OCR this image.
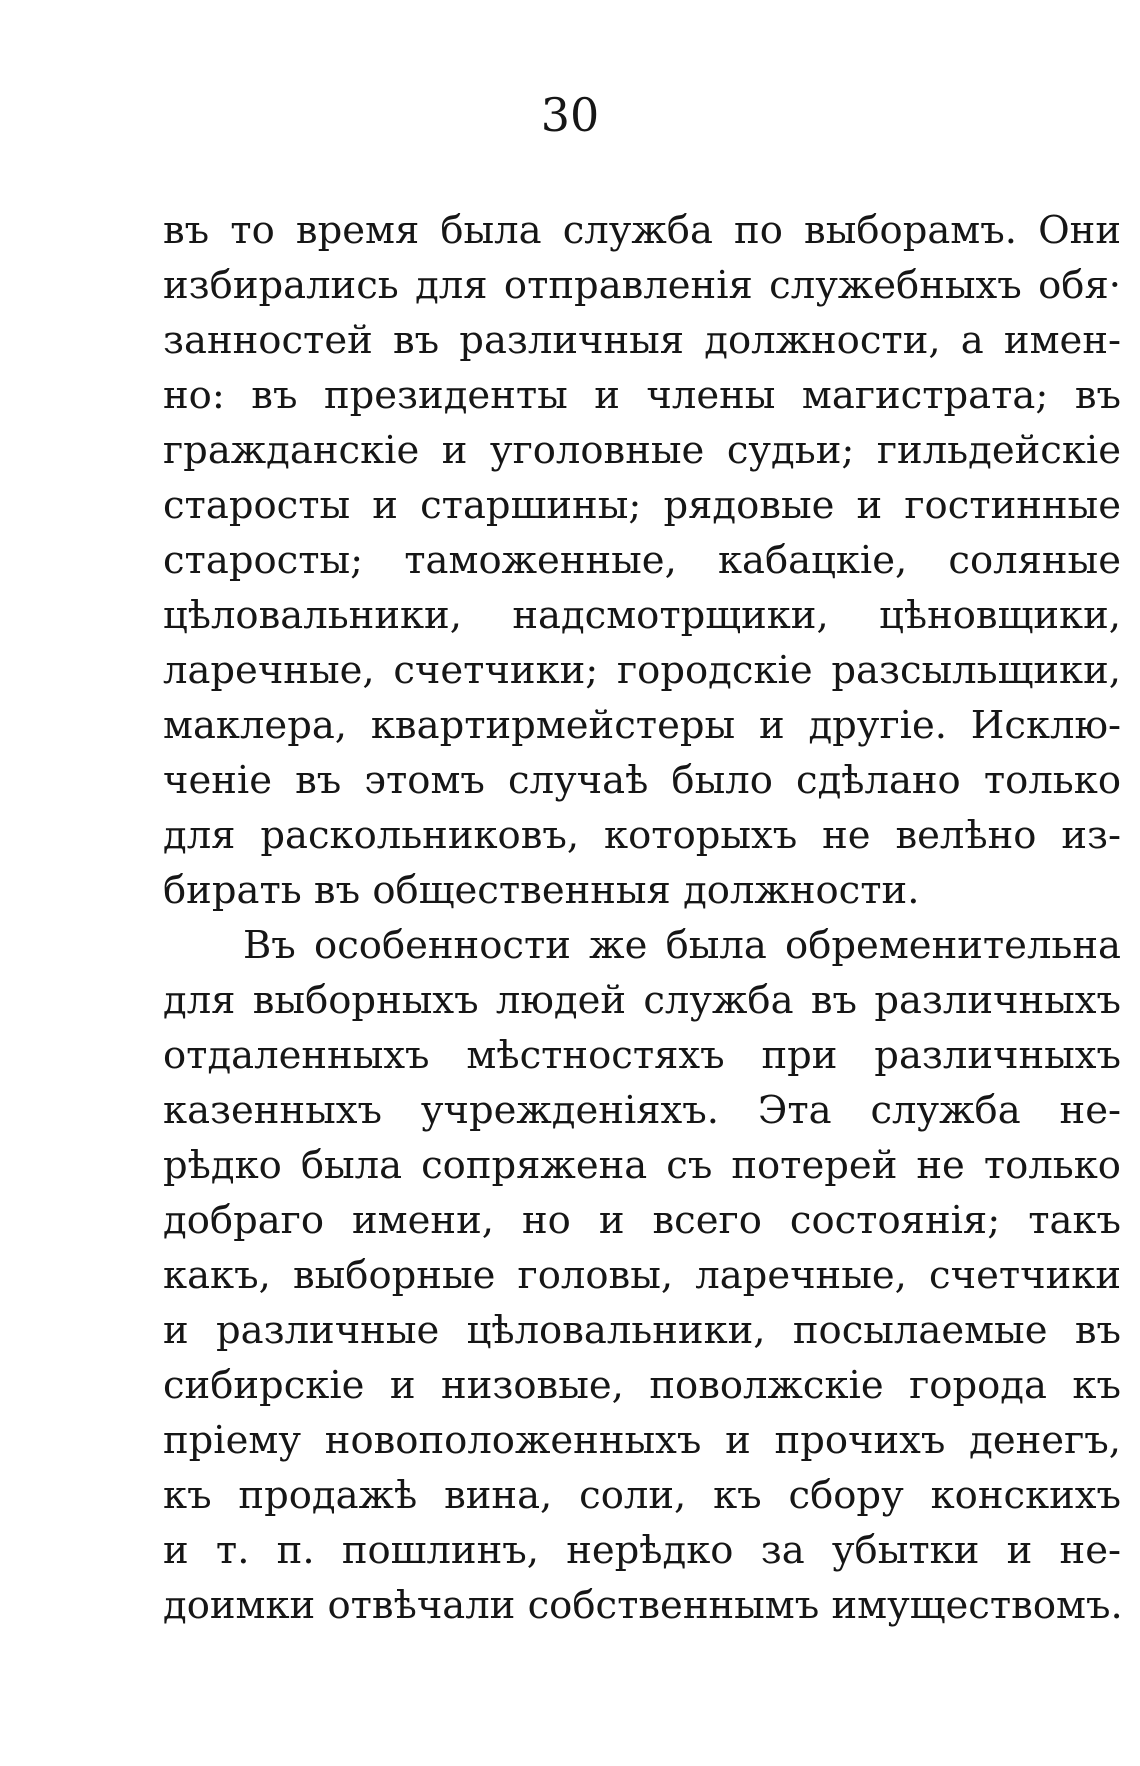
30
въ то время была служба по выборамъ. Они
избирались для отправленія служебныхъ обя·
занностей въ различныя должности, а имен-
но: въ президенты и члены магистрата; въ
гражданскіе и уголовные судьи; гильдейскіе
старосты и старшины; рядовые и гостинные
старосты; таможенные, кабацкіе, соляные
цѣловальники, надсмотрщики, цѣновщики,
ларечные, счетчики; городскіе разсыльщики,
маклера, квартирмейстеры и другіе. Исклю-
ченіе въ этомъ случаѣ было сдѣлано только
для раскольниковъ, которыхъ не велѣно из-
бирать въ общественныя должности.
Въ особенности же была обременительна
для выборныхъ людей служба въ различныхъ
отдаленныхъ мѣстностяхъ при различныхъ
казенныхъ учрежденіяхъ. Эта служба не-
рѣдко была сопряжена съ потерей не только
добраго имени, но и всего состоянія; такъ
какъ, выборные головы, ларечные, счетчики
и различные цѣловальники, посылаемые въ
сибирскіе и низовые, поволжскіе города къ
пріему новоположенныхъ и прочихъ денегъ,
къ продажѣ вина, соли, къ сбору конскихъ
и т. п. пошлинъ, нерѣдко за убытки и не-
доимки отвѣчали собственнымъ имуществомъ.
